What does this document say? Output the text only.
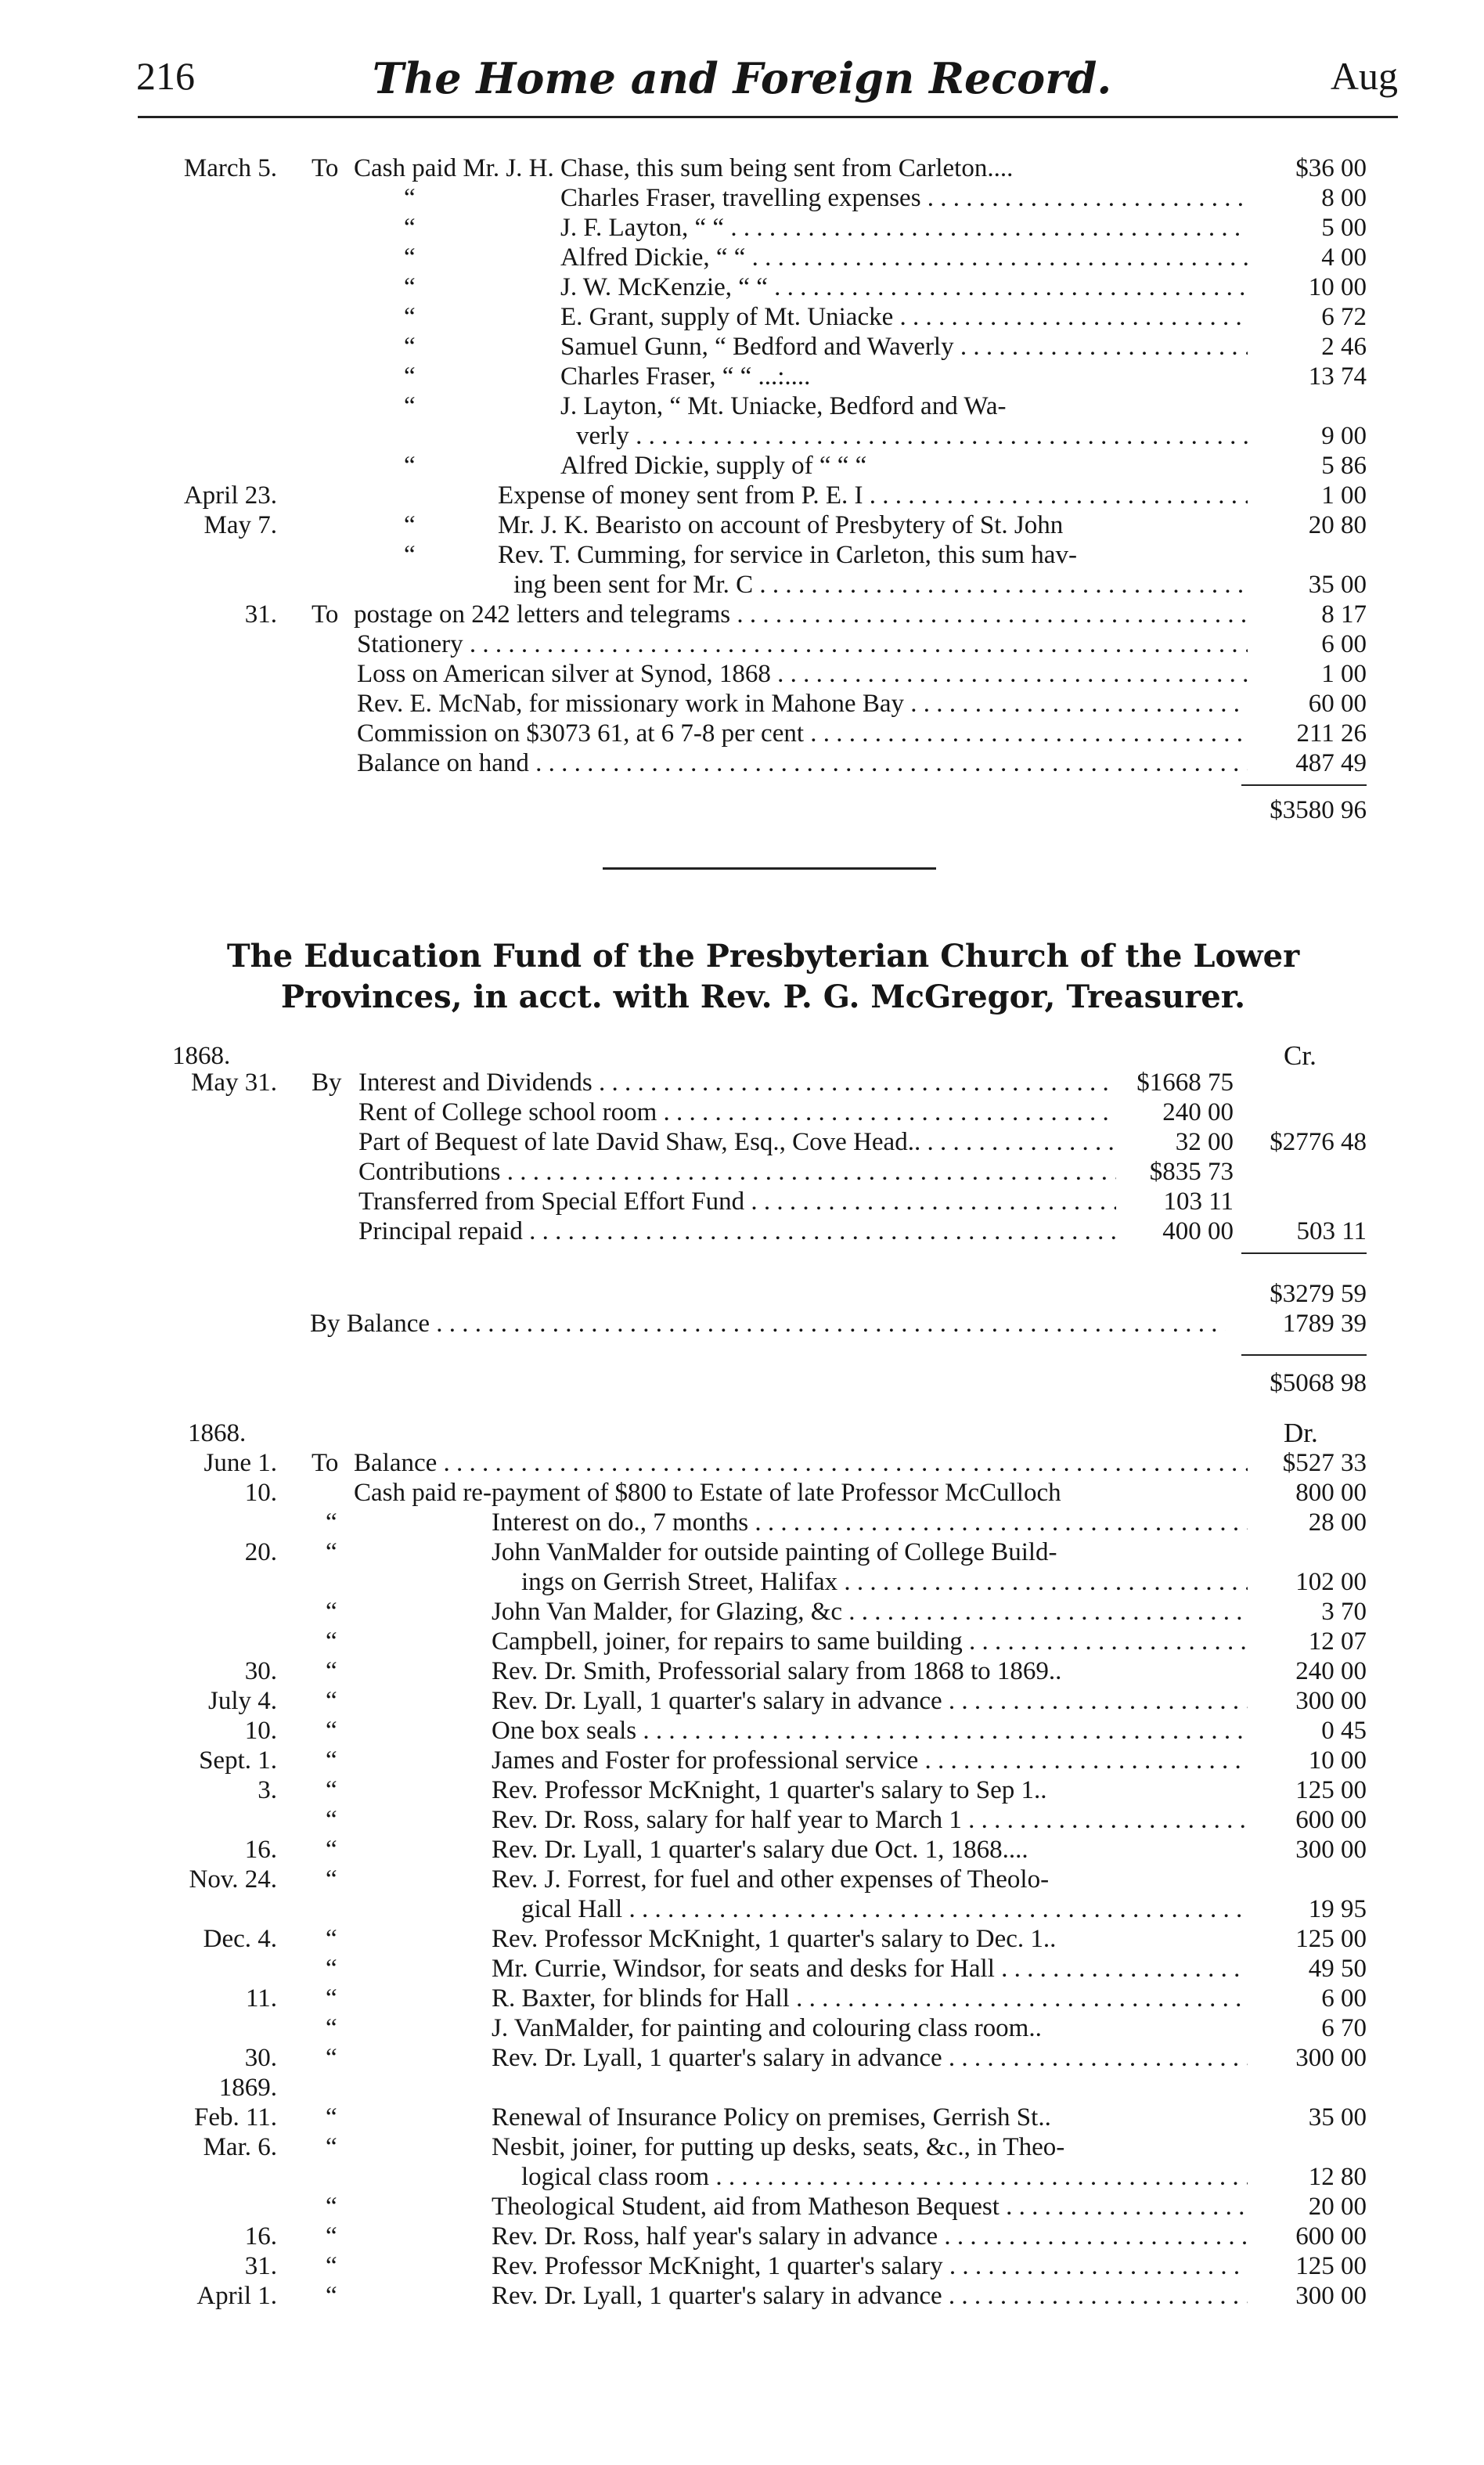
216	The Home and Foreign Record.	Aug
March 5. To Cash paid Mr. J. H. Chase, this sum being sent from Carleton....	$36 00
“	Charles Fraser, travelling expenses . . .	8 00
“	J. F. Layton, “ “ . . .	5 00
“	Alfred Dickie, “ “ . . .	4 00
“	J. W. McKenzie, “ “ . . .	10 00
“	E. Grant, supply of Mt. Uniacke . . .	6 72
“	Samuel Gunn, “ Bedford and Waverly . . .	2 46
“	Charles Fraser, “ “ ...:....	13 74
“	J. Layton, “ Mt. Uniacke, Bedford and Wa-
verly . . .	9 00
“	Alfred Dickie, supply of “ “ “	5 86
April 23.	Expense of money sent from P. E. I . . .	1 00
May 7.	“	Mr. J. K. Bearisto on account of Presbytery of St. John	20 80
“	Rev. T. Cumming, for service in Carleton, this sum hav-
ing been sent for Mr. C . . .	35 00
31. To postage on 242 letters and telegrams . . .	8 17
Stationery . . .	6 00
Loss on American silver at Synod, 1868 . . .	1 00
Rev. E. McNab, for missionary work in Mahone Bay . . .	60 00
Commission on $3073 61, at 6 7-8 per cent . . .	211 26
Balance on hand . . .	487 49
$3580 96
The Education Fund of the Presbyterian Church of the Lower
Provinces, in acct. with Rev. P. G. McGregor, Treasurer.
1868.	Cr.
May 31. By Interest and Dividends . . .	$1668 75
Rent of College school room . . .	240 00
Part of Bequest of late David Shaw, Esq., Cove Head.. . . .	32 00	$2776 48
Contributions . . .	$835 73
Transferred from Special Effort Fund . . .	103 11
Principal repaid . . .	400 00	503 11
$3279 59
By Balance . . .	1789 39
$5068 98
1868.	Dr.
June 1. To Balance . . .	$527 33
10.	Cash paid re-payment of $800 to Estate of late Professor McCulloch	800 00
“	Interest on do., 7 months . . .	28 00
20. “	John VanMalder for outside painting of College Build-
ings on Gerrish Street, Halifax . . .	102 00
“	John Van Malder, for Glazing, &c . . .	3 70
“	Campbell, joiner, for repairs to same building . . .	12 07
30. “	Rev. Dr. Smith, Professorial salary from 1868 to 1869..	240 00
July 4. “	Rev. Dr. Lyall, 1 quarter's salary in advance . . .	300 00
10. “	One box seals . . .	0 45
Sept. 1. “	James and Foster for professional service . . .	10 00
3. “	Rev. Professor McKnight, 1 quarter's salary to Sep 1..	125 00
“	Rev. Dr. Ross, salary for half year to March 1 . . .	600 00
16. “	Rev. Dr. Lyall, 1 quarter's salary due Oct. 1, 1868....	300 00
Nov. 24. “	Rev. J. Forrest, for fuel and other expenses of Theolo-
gical Hall . . .	19 95
Dec. 4. “	Rev. Professor McKnight, 1 quarter's salary to Dec. 1..	125 00
“	Mr. Currie, Windsor, for seats and desks for Hall . . .	49 50
11. “	R. Baxter, for blinds for Hall . . .	6 00
“	J. VanMalder, for painting and colouring class room..	6 70
30. “	Rev. Dr. Lyall, 1 quarter's salary in advance . . .	300 00
1869.
Feb. 11. “	Renewal of Insurance Policy on premises, Gerrish St..	35 00
Mar. 6. “	Nesbit, joiner, for putting up desks, seats, &c., in Theo-
logical class room . . .	12 80
“	Theological Student, aid from Matheson Bequest . . .	20 00
16. “	Rev. Dr. Ross, half year's salary in advance . . .	600 00
31. “	Rev. Professor McKnight, 1 quarter's salary . . .	125 00
April 1. “	Rev. Dr. Lyall, 1 quarter's salary in advance . . .	300 00
